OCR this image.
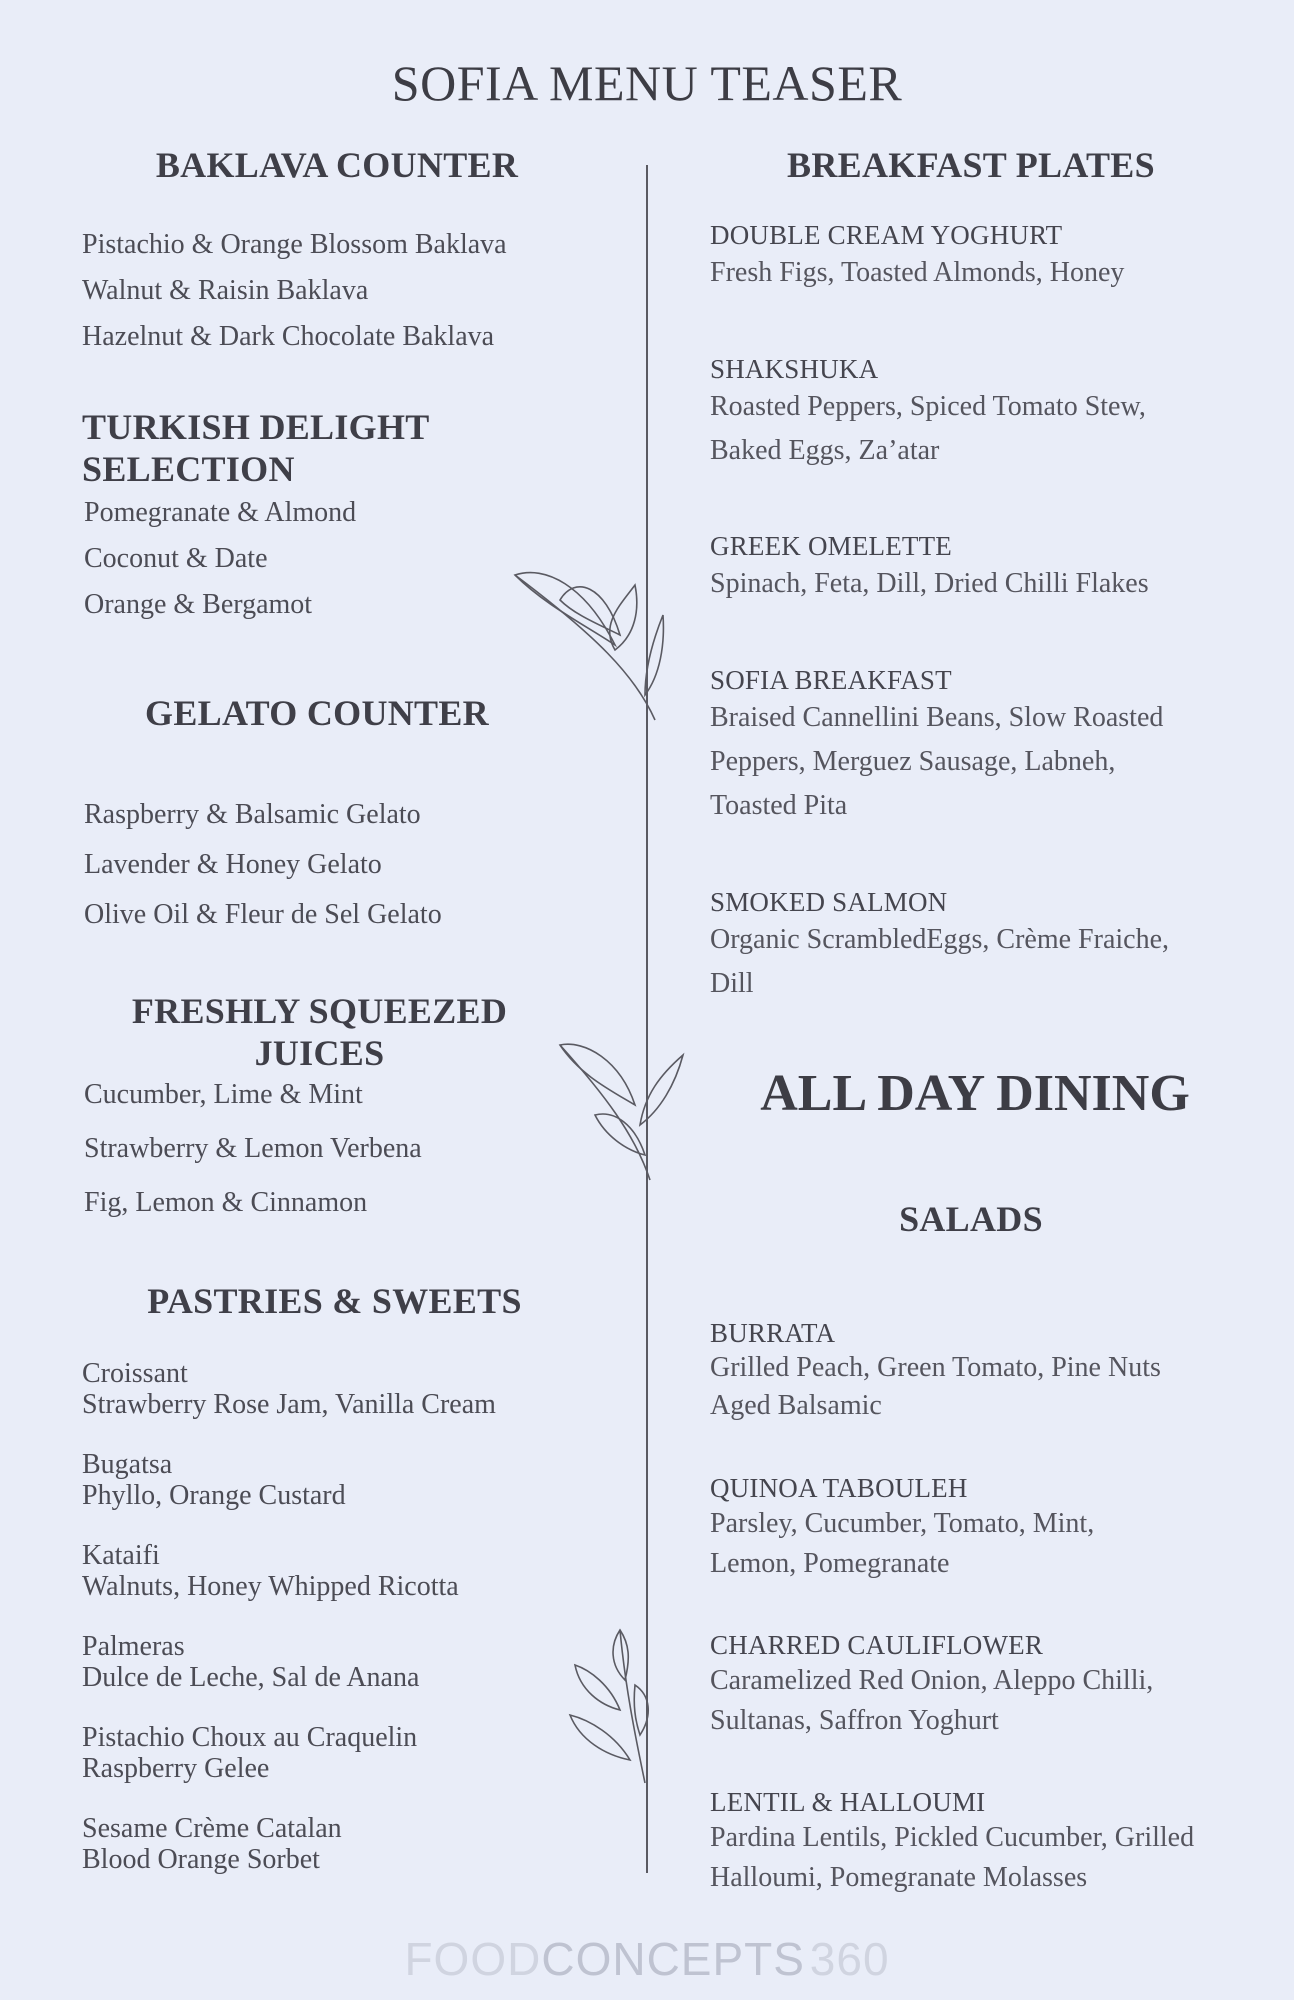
SOFIA MENU TEASER
BAKLAVA COUNTER
Pistachio & Orange Blossom Baklava
Walnut & Raisin Baklava
Hazelnut & Dark Chocolate Baklava
TURKISH DELIGHT SELECTION
Pomegranate & Almond
Coconut & Date
Orange & Bergamot
GELATO COUNTER
Raspberry & Balsamic Gelato
Lavender & Honey Gelato
Olive Oil & Fleur de Sel Gelato
FRESHLY SQUEEZED JUICES
Cucumber, Lime & Mint
Strawberry & Lemon Verbena
Fig, Lemon & Cinnamon
PASTRIES & SWEETS
Croissant
Strawberry Rose Jam, Vanilla Cream
Bugatsa
Phyllo, Orange Custard
Kataifi
Walnuts, Honey Whipped Ricotta
Palmeras
Dulce de Leche, Sal de Anana
Pistachio Choux au Craquelin
Raspberry Gelee
Sesame Crème Catalan
Blood Orange Sorbet
BREAKFAST PLATES
DOUBLE CREAM YOGHURT
Fresh Figs, Toasted Almonds, Honey
SHAKSHUKA
Roasted Peppers, Spiced Tomato Stew,
Baked Eggs, Za’atar
GREEK OMELETTE
Spinach, Feta, Dill, Dried Chilli Flakes
SOFIA BREAKFAST
Braised Cannellini Beans, Slow Roasted
Peppers, Merguez Sausage, Labneh,
Toasted Pita
SMOKED SALMON
Organic ScrambledEggs, Crème Fraiche,
Dill
ALL DAY DINING
SALADS
BURRATA
Grilled Peach, Green Tomato, Pine Nuts
Aged Balsamic
QUINOA TABOULEH
Parsley, Cucumber, Tomato, Mint,
Lemon, Pomegranate
CHARRED CAULIFLOWER
Caramelized Red Onion, Aleppo Chilli,
Sultanas, Saffron Yoghurt
LENTIL & HALLOUMI
Pardina Lentils, Pickled Cucumber, Grilled
Halloumi, Pomegranate Molasses
FOODCONCEPTS  360
